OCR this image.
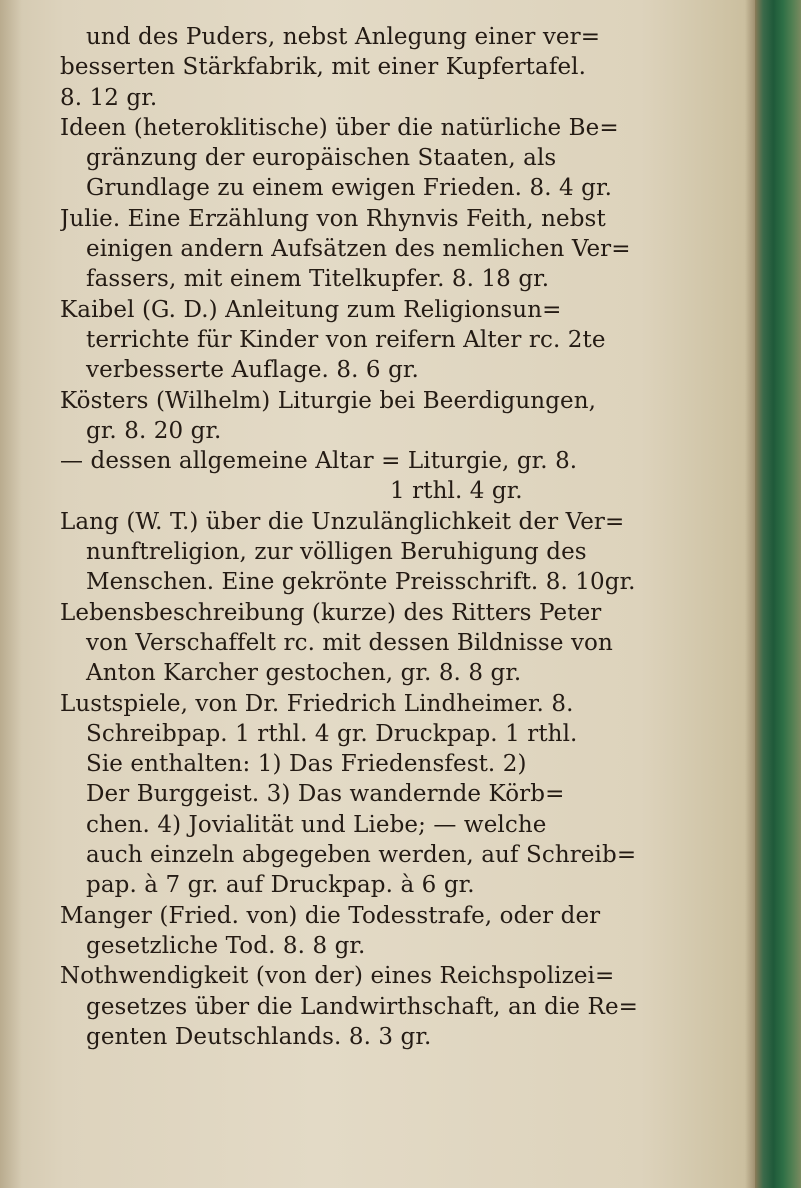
und des Puders, nebst Anlegung einer ver=
besserten Stärkfabrik, mit einer Kupfertafel.
8. 12 gr.
Ideen (heteroklitische) über die natürliche Be=
gränzung der europäischen Staaten, als
Grundlage zu einem ewigen Frieden. 8. 4 gr.
Julie. Eine Erzählung von Rhynvis Feith, nebst
einigen andern Aufsätzen des nemlichen Ver=
fassers, mit einem Titelkupfer. 8. 18 gr.
Kaibel (G. D.) Anleitung zum Religionsun=
terrichte für Kinder von reifern Alter rc. 2te
verbesserte Auflage. 8. 6 gr.
Kösters (Wilhelm) Liturgie bei Beerdigungen,
gr. 8. 20 gr.
— dessen allgemeine Altar = Liturgie, gr. 8.
1 rthl. 4 gr.
Lang (W. T.) über die Unzulänglichkeit der Ver=
nunftreligion, zur völligen Beruhigung des
Menschen. Eine gekrönte Preisschrift. 8. 10gr.
Lebensbeschreibung (kurze) des Ritters Peter
von Verschaffelt rc. mit dessen Bildnisse von
Anton Karcher gestochen, gr. 8. 8 gr.
Lustspiele, von Dr. Friedrich Lindheimer. 8.
Schreibpap. 1 rthl. 4 gr. Druckpap. 1 rthl.
Sie enthalten: 1) Das Friedensfest. 2)
Der Burggeist. 3) Das wandernde Körb=
chen. 4) Jovialität und Liebe; — welche
auch einzeln abgegeben werden, auf Schreib=
pap. à 7 gr. auf Druckpap. à 6 gr.
Manger (Fried. von) die Todesstrafe, oder der
gesetzliche Tod. 8. 8 gr.
Nothwendigkeit (von der) eines Reichspolizei=
gesetzes über die Landwirthschaft, an die Re=
genten Deutschlands. 8. 3 gr.
